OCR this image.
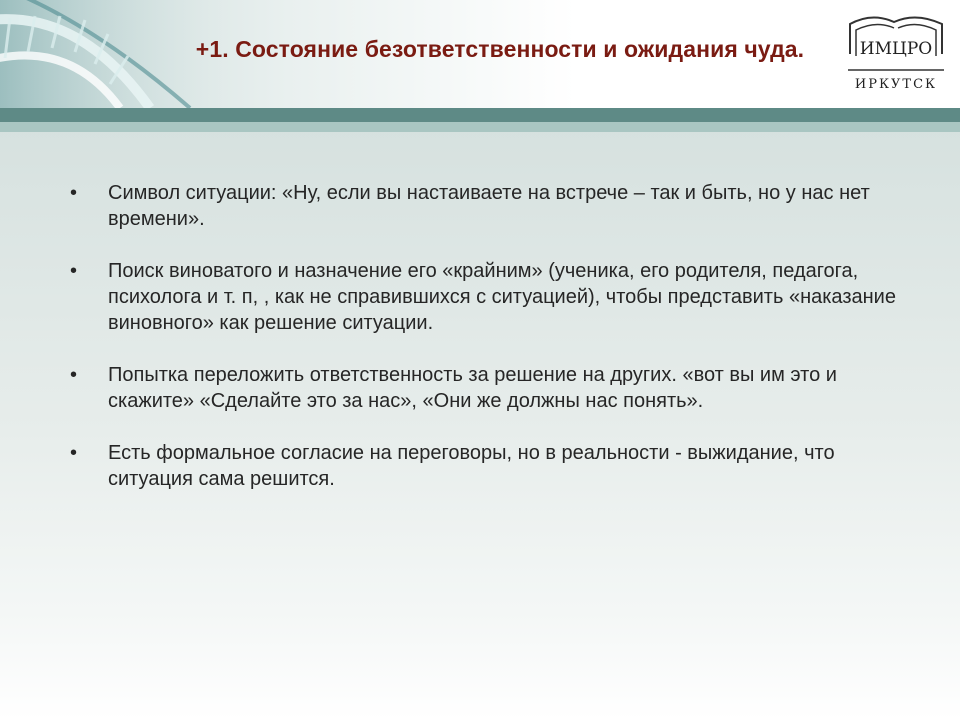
+1. Состояние безответственности и ожидания чуда.	ИМЦРО
ИРКУТСК
• Символ ситуации: «Ну, если вы настаиваете на встрече – так и быть, но у нас нет времени».
• Поиск виноватого и назначение его «крайним» (ученика, его родителя, педагога, психолога и т. п, , как не справившихся с ситуацией), чтобы представить «наказание виновного» как решение ситуации.
• Попытка переложить ответственность за решение на других. «вот вы им это и скажите» «Сделайте это за нас», «Они же должны нас понять».
• Есть формальное согласие на переговоры, но в реальности - выжидание, что ситуация сама решится.
